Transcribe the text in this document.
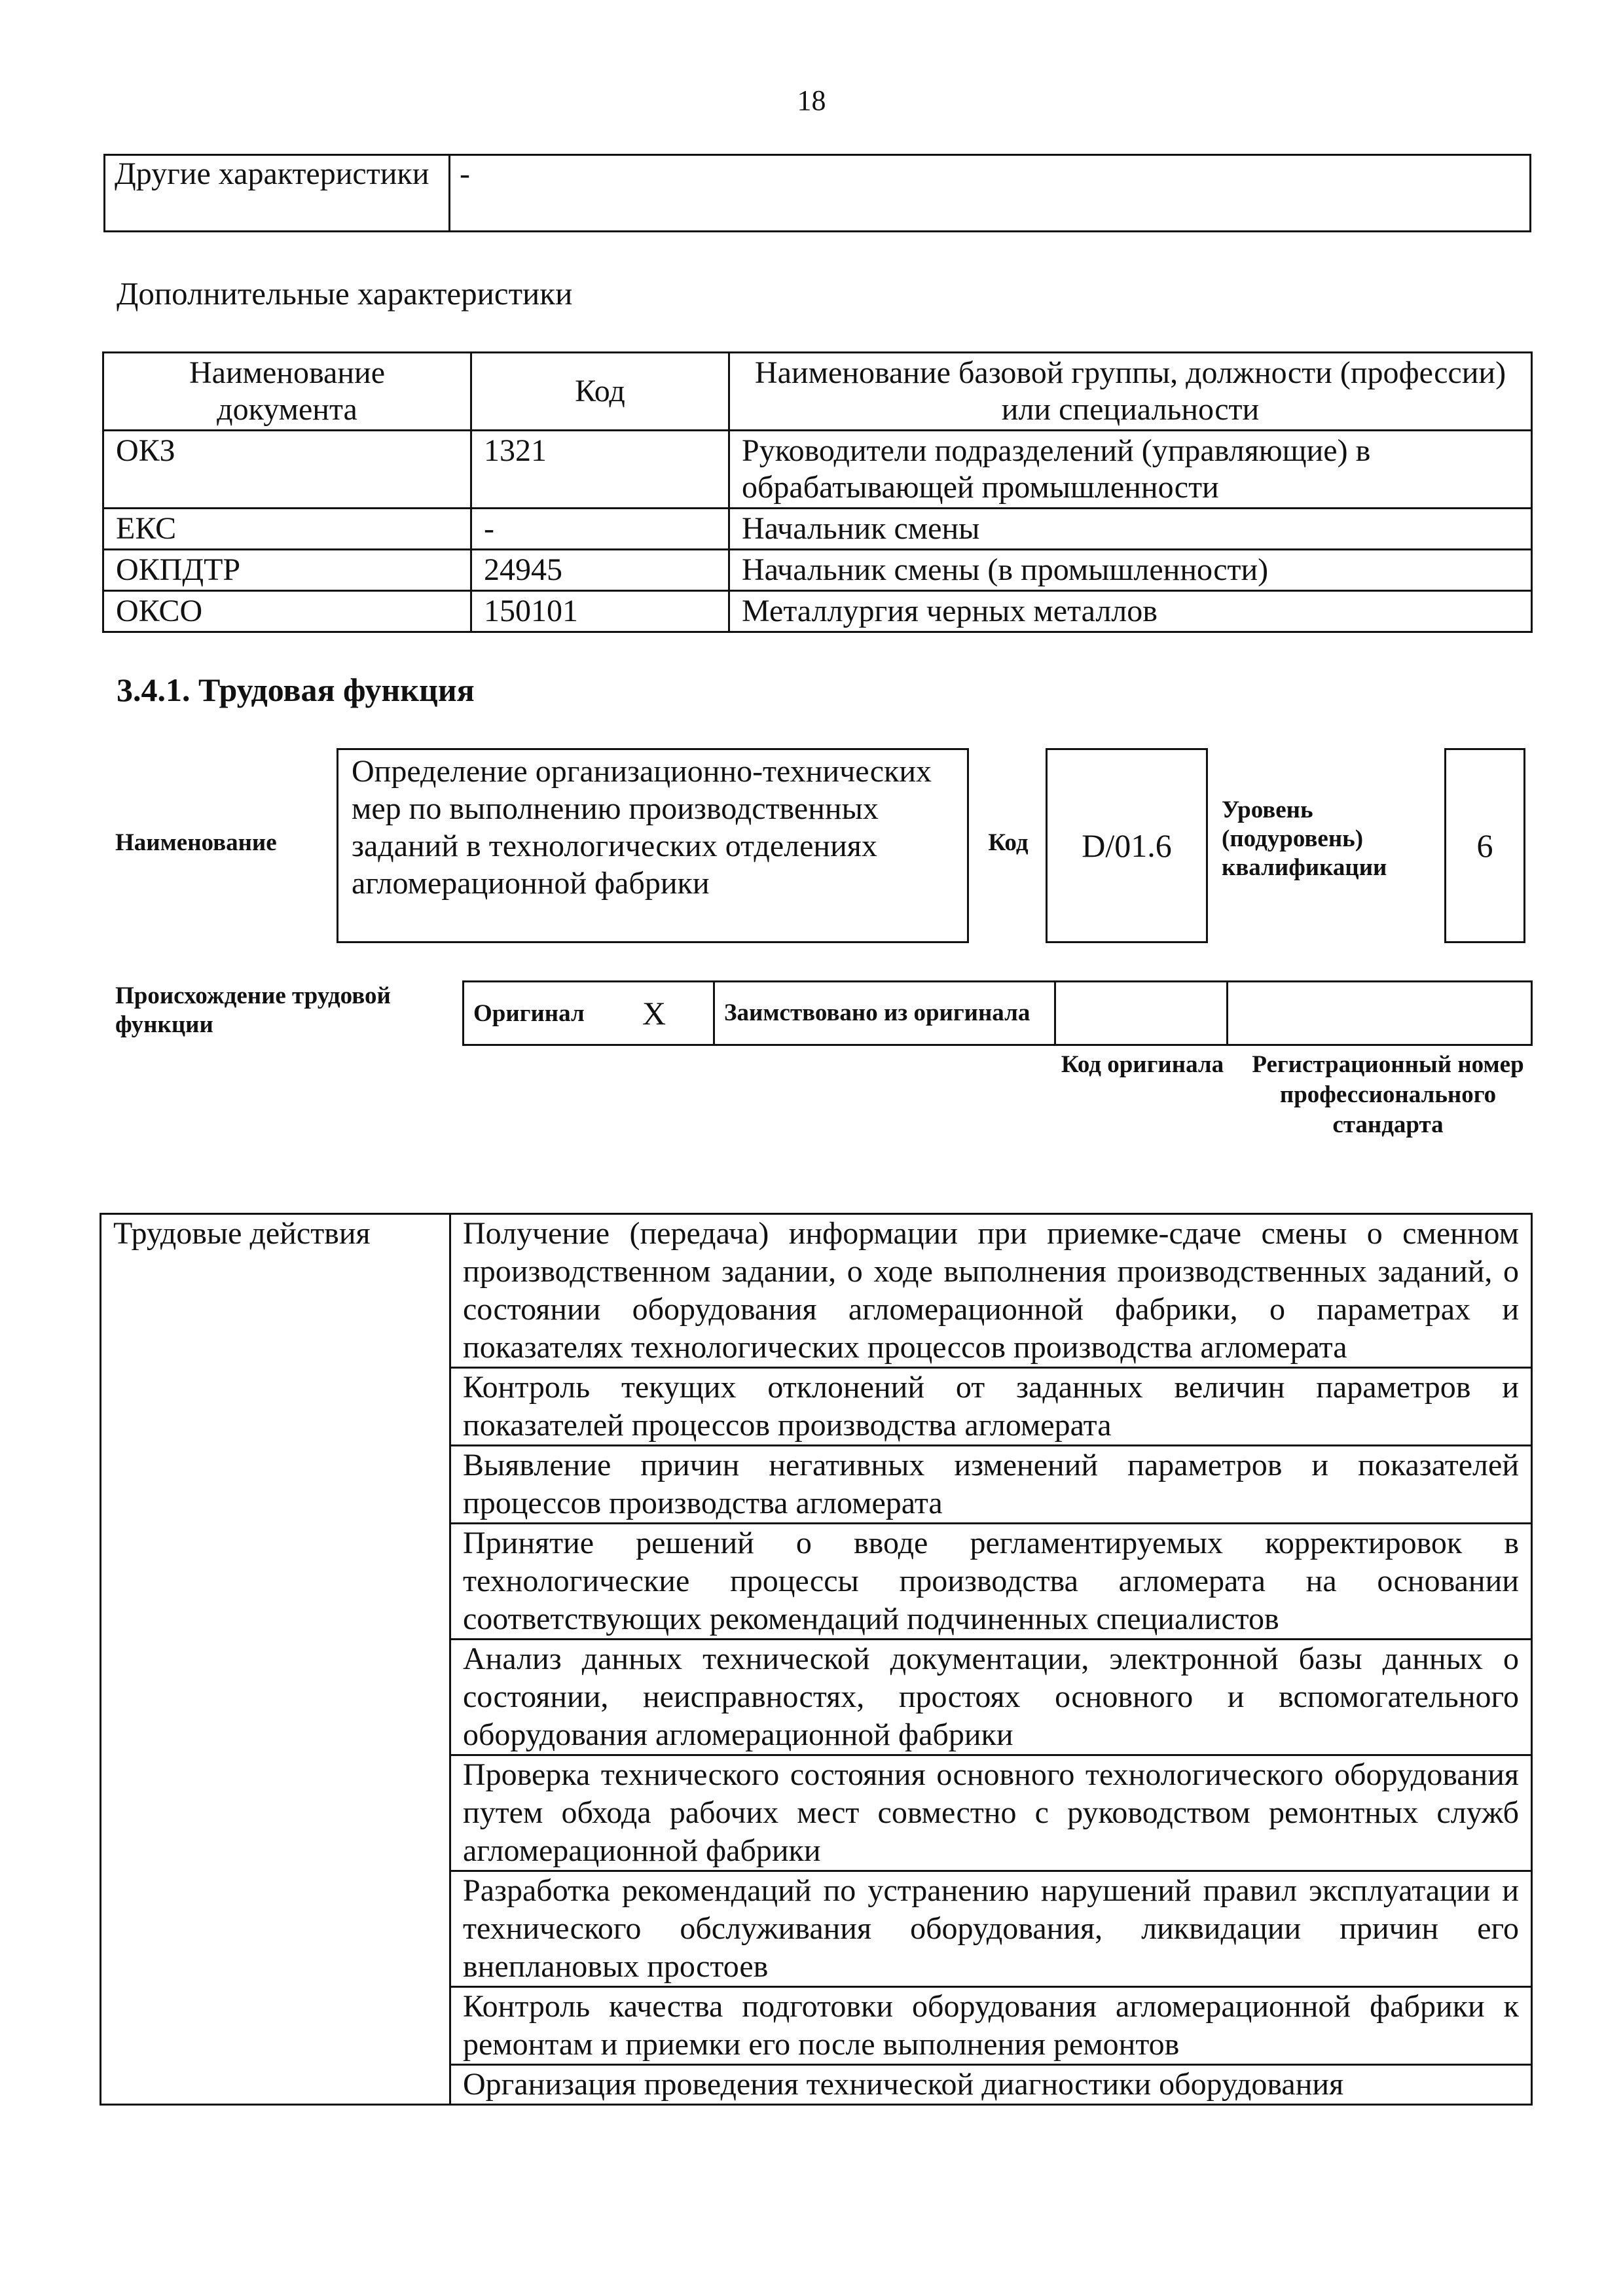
18
Другие характеристики	-
Дополнительные характеристики
Наименование документа	Код	Наименование базовой группы, должности (профессии) или специальности
ОКЗ	1321	Руководители подразделений (управляющие) в обрабатывающей промышленности
ЕКС	-	Начальник смены
ОКПДТР	24945	Начальник смены (в промышленности)
ОКСО	150101	Металлургия черных металлов
3.4.1. Трудовая функция
Наименование
Определение организационно-технических мер по выполнению производственных заданий в технологических отделениях агломерационной фабрики
Код	D/01.6
Уровень (подуровень) квалификации
6
Происхождение трудовой функции	Оригинал	X	Заимствовано из оригинала		
Код оригинала	Регистрационный номер профессионального стандарта
Трудовые действия	Получение (передача) информации при приемке-сдаче смены о сменном производственном задании, о ходе выполнения производственных заданий, о состоянии оборудования агломерационной фабрики, о параметрах и показателях технологических процессов производства агломерата
Контроль текущих отклонений от заданных величин параметров и показателей процессов производства агломерата
Выявление причин негативных изменений параметров и показателей процессов производства агломерата
Принятие решений о вводе регламентируемых корректировок в технологические процессы производства агломерата на основании соответствующих рекомендаций подчиненных специалистов
Анализ данных технической документации, электронной базы данных о состоянии, неисправностях, простоях основного и вспомогательного оборудования агломерационной фабрики
Проверка технического состояния основного технологического оборудования путем обхода рабочих мест совместно с руководством ремонтных служб агломерационной фабрики
Разработка рекомендаций по устранению нарушений правил эксплуатации и технического обслуживания оборудования, ликвидации причин его внеплановых простоев
Контроль качества подготовки оборудования агломерационной фабрики к ремонтам и приемки его после выполнения ремонтов
Организация проведения технической диагностики оборудования
